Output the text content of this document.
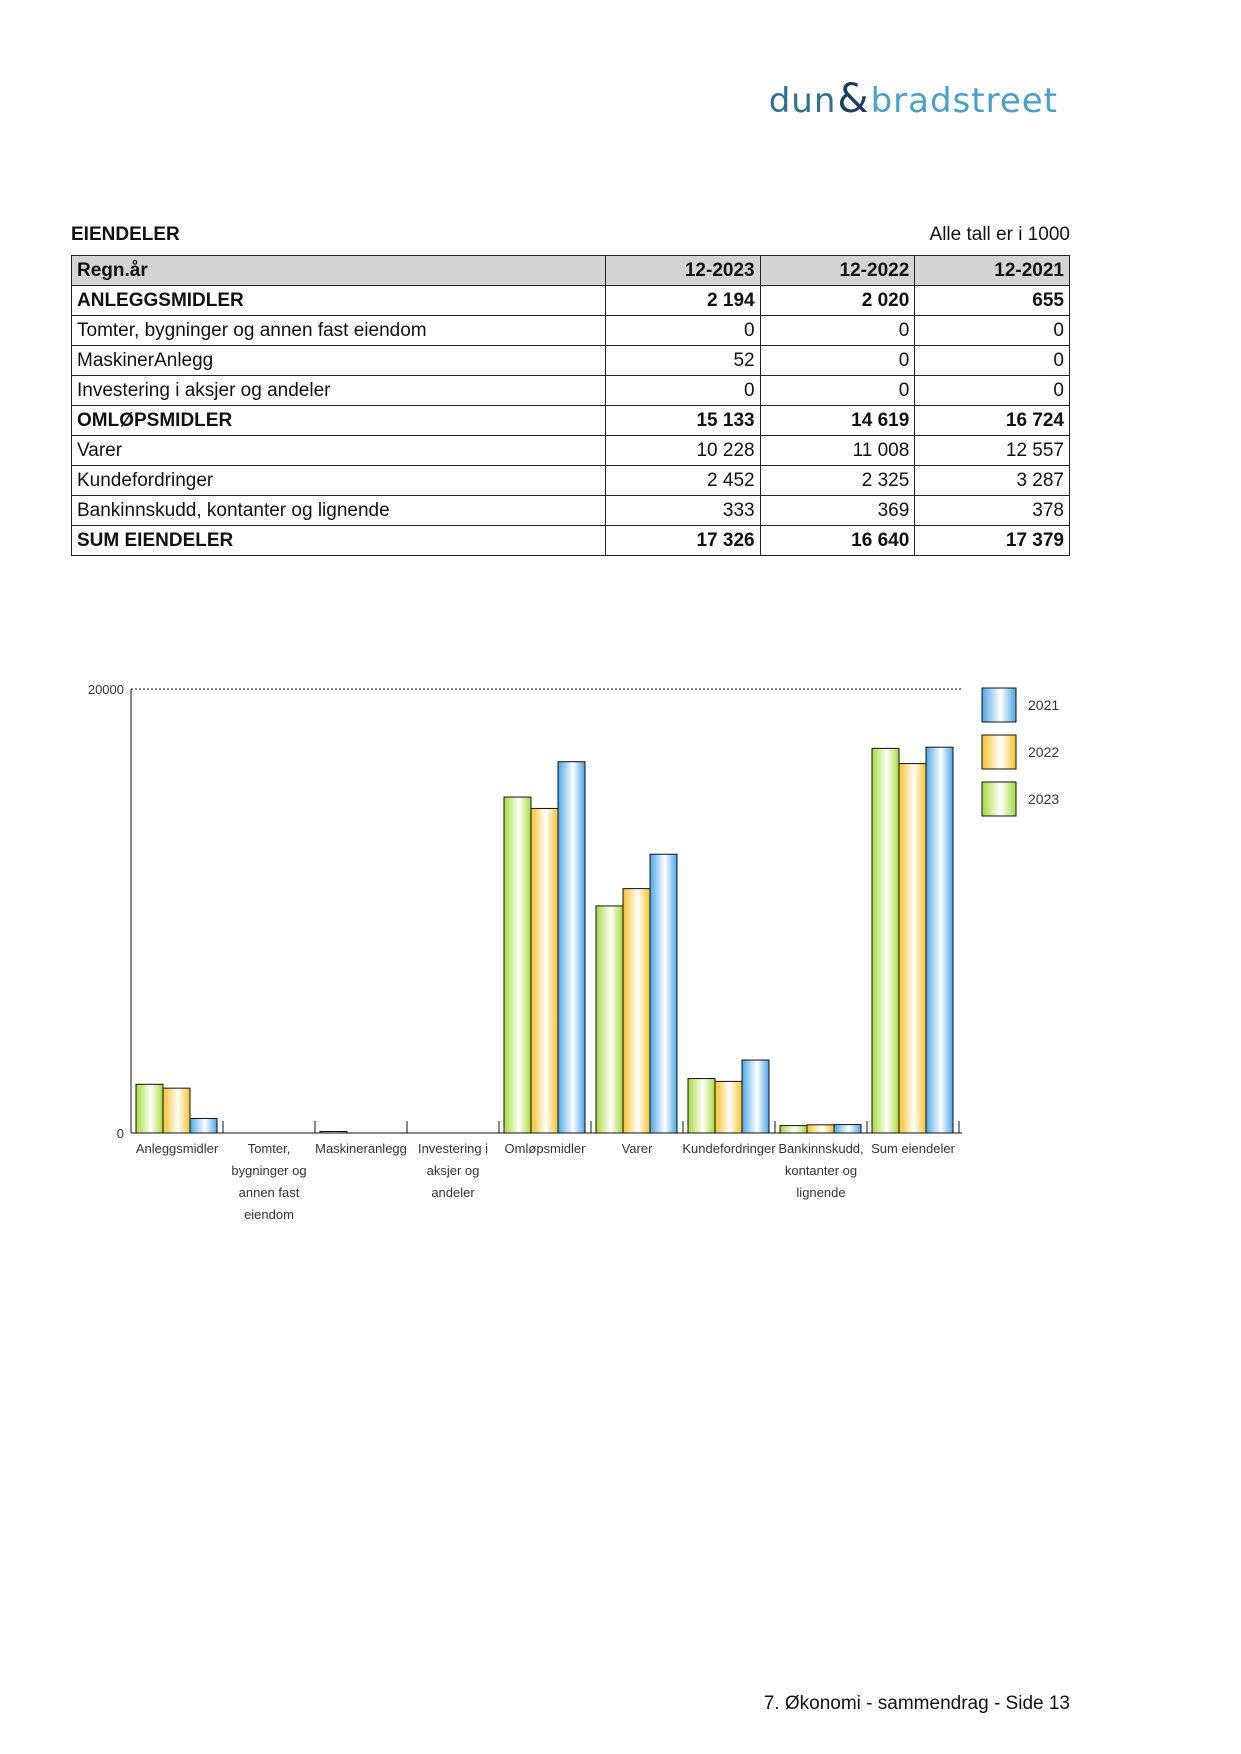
dun&bradstreet
EIENDELER	Alle tall er i 1000
Regn.år	12-2023	12-2022	12-2021
ANLEGGSMIDLER	2 194	2 020	655
Tomter, bygninger og annen fast eiendom	0	0	0
MaskinerAnlegg	52	0	0
Investering i aksjer og andeler	0	0	0
OMLØPSMIDLER	15 133	14 619	16 724
Varer	10 228	11 008	12 557
Kundefordringer	2 452	2 325	3 287
Bankinnskudd, kontanter og lignende	333	369	378
SUM EIENDELER	17 326	16 640	17 379
0
20000
Anleggsmidler Tomter,
bygninger og
annen fast
eiendom
Maskineranlegg Investering i
aksjer og
andeler
Omløpsmidler	Varer Kundefordringer Bankinnskudd,
kontanter og
lignende
Sum eiendeler
2021
2022
2023
7. Økonomi - sammendrag - Side 13
